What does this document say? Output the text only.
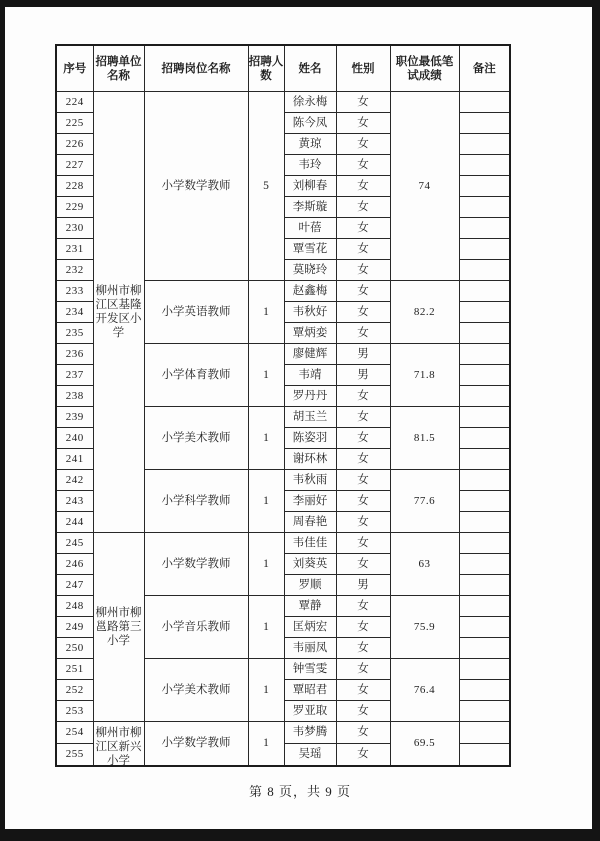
序号	招聘单位名称	招聘岗位名称	招聘人数	姓名	性别	职位最低笔试成绩	备注
224	柳州市柳江区基隆开发区小学	小学数学教师	5	徐永梅	女	74	
225				陈今凤	女		
226				黄琼	女		
227				韦玲	女		
228				刘柳春	女		
229				李斯璇	女		
230				叶蓓	女		
231				覃雪花	女		
232				莫晓玲	女		
233		小学英语教师	1	赵鑫梅	女	82.2	
234				韦秋好	女		
235				覃炳娈	女		
236		小学体育教师	1	廖健辉	男	71.8	
237				韦靖	男		
238				罗丹丹	女		
239		小学美术教师	1	胡玉兰	女	81.5	
240				陈姿羽	女		
241				谢环林	女		
242		小学科学教师	1	韦秋雨	女	77.6	
243				李丽好	女		
244				周春艳	女		
245	柳州市柳邕路第三小学	小学数学教师	1	韦佳佳	女	63	
246				刘葵英	女		
247				罗顺	男		
248		小学音乐教师	1	覃静	女	75.9	
249				匡炳宏	女		
250				韦丽凤	女		
251		小学美术教师	1	钟雪雯	女	76.4	
252				覃昭君	女		
253				罗亚取	女		
254	柳州市柳江区新兴小学	小学数学教师	1	韦梦腾	女	69.5	
255				吴瑶	女		
第 8 页，共 9 页
